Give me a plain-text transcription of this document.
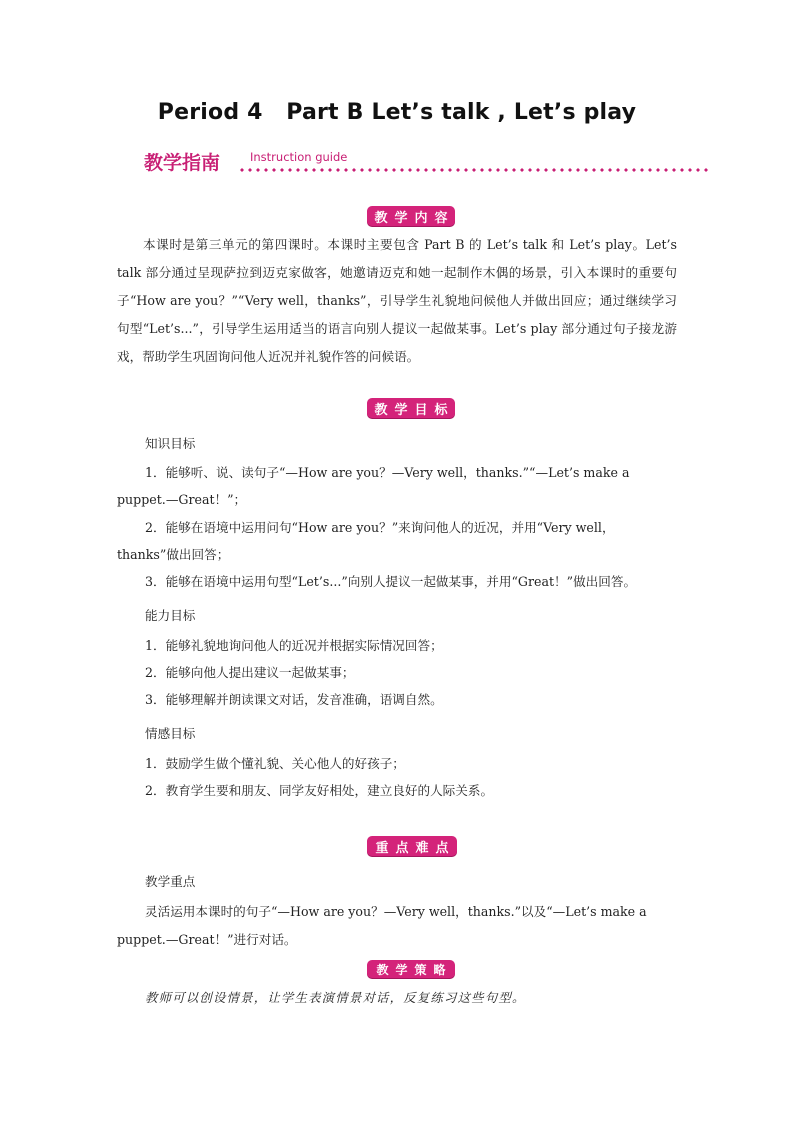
Period 4   Part B Let’s talk , Let’s play
教学指南	Instruction guide
教学内容
本课时是第三单元的第四课时。本课时主要包含 Part B 的 Let’s talk 和 Let’s play。Let’s talk 部分通过呈现萨拉到迈克家做客，她邀请迈克和她一起制作木偶的场景，引入本课时的重要句子“How are you？”“Very well，thanks”，引导学生礼貌地问候他人并做出回应；通过继续学习句型“Let’s...”，引导学生运用适当的语言向别人提议一起做某事。Let’s play 部分通过句子接龙游戏，帮助学生巩固询问他人近况并礼貌作答的问候语。
教学目标
知识目标
1．能够听、说、读句子“—How are you？—Very well，thanks.”“—Let’s make a
puppet.—Great！”；
2．能够在语境中运用问句“How are you？”来询问他人的近况，并用“Very well，
thanks”做出回答；
3．能够在语境中运用句型“Let’s...”向别人提议一起做某事，并用“Great！”做出回答。
能力目标
1．能够礼貌地询问他人的近况并根据实际情况回答；
2．能够向他人提出建议一起做某事；
3．能够理解并朗读课文对话，发音准确，语调自然。
情感目标
1．鼓励学生做个懂礼貌、关心他人的好孩子；
2．教育学生要和朋友、同学友好相处，建立良好的人际关系。
重点难点
教学重点
灵活运用本课时的句子“—How are you？—Very well，thanks.”以及“—Let’s make a
puppet.—Great！”进行对话。
教学策略
教师可以创设情景，让学生表演情景对话，反复练习这些句型。
